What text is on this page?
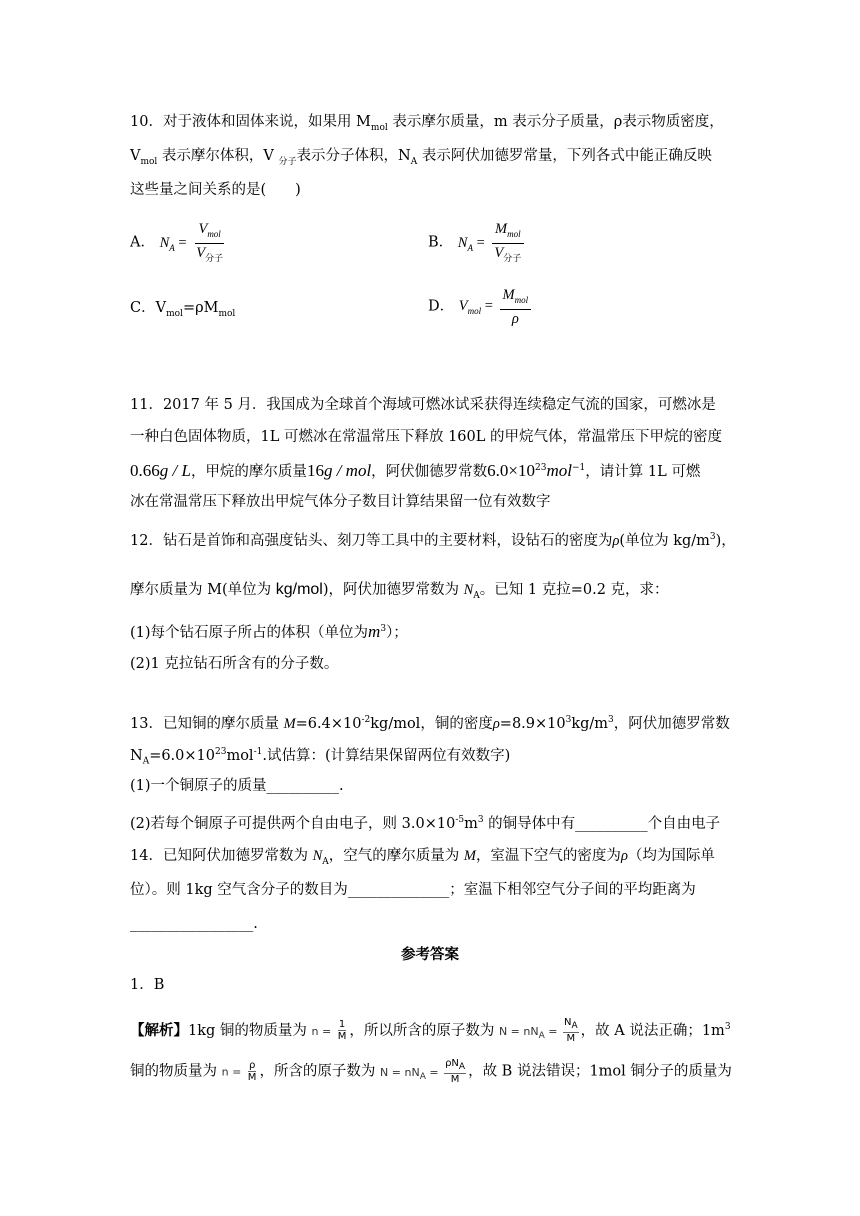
10．对于液体和固体来说，如果用 $M_{mol}$ 表示摩尔质量，m 表示分子质量，ρ表示物质密度，
$V_{mol}$ 表示摩尔体积，V $_{分子}$表示分子体积，$N_A$ 表示阿伏加德罗常量，下列各式中能正确反映
这些量之间关系的是(　　)
A． $N_A = \frac{V_{mol}}{V_{分子}}$	B． $N_A = \frac{M_{mol}}{V_{分子}}$
C．$V_{mol}=\rho M_{mol}$	D． $V_{mol} = \frac{M_{mol}}{\rho}$
11．2017 年 5 月．我国成为全球首个海域可燃冰试采获得连续稳定气流的国家，可燃冰是
一种白色固体物质，1L 可燃冰在常温常压下释放 160L 的甲烷气体，常温常压下甲烷的密度
0.66g / L，甲烷的摩尔质量16g / mol，阿伏伽德罗常数$6.0\times 10^{23}mol^{-1}$，请计算 1L 可燃
冰在常温常压下释放出甲烷气体分子数目计算结果留一位有效数字
12．钻石是首饰和高强度钻头、刻刀等工具中的主要材料，设钻石的密度为ρ(单位为 $kg/m^3$)，
摩尔质量为 M(单位为 kg/mol)，阿伏加德罗常数为 $N_A$。已知 1 克拉=0.2 克，求：
(1)每个钻石原子所占的体积（单位为$m^3$）；
(2)1 克拉钻石所含有的分子数。
13．已知铜的摩尔质量 $M=6.4\times 10^{-2}kg$/mol，铜的密度$\rho=8.9\times 10^3kg/m^3$，阿伏加德罗常数
$N_A=6.0\times 10^{23}mol^{-1}$.试估算：(计算结果保留两位有效数字)
(1)一个铜原子的质量__________.
(2)若每个铜原子可提供两个自由电子，则 $3.0\times 10^{-5}m^3$ 的铜导体中有__________个自由电子
14．已知阿伏加德罗常数为 $N_A$，空气的摩尔质量为 M，室温下空气的密度为ρ（均为国际单
位）。则 1kg 空气含分子的数目为______________；室温下相邻空气分子间的平均距离为
_________________.
参考答案
1．B
【解析】1kg 铜的物质量为 $n = \frac{1}{M}$ ，所以所含的原子数为 $N = nN_A = \frac{N_A}{M}$ ，故 A 说法正确；$1m^3$
铜的物质量为 $n = \frac{\rho}{M}$ ，所含的原子数为 $N = nN_A = \frac{\rho N_A}{M}$ ，故 B 说法错误；1mol 铜分子的质量为
